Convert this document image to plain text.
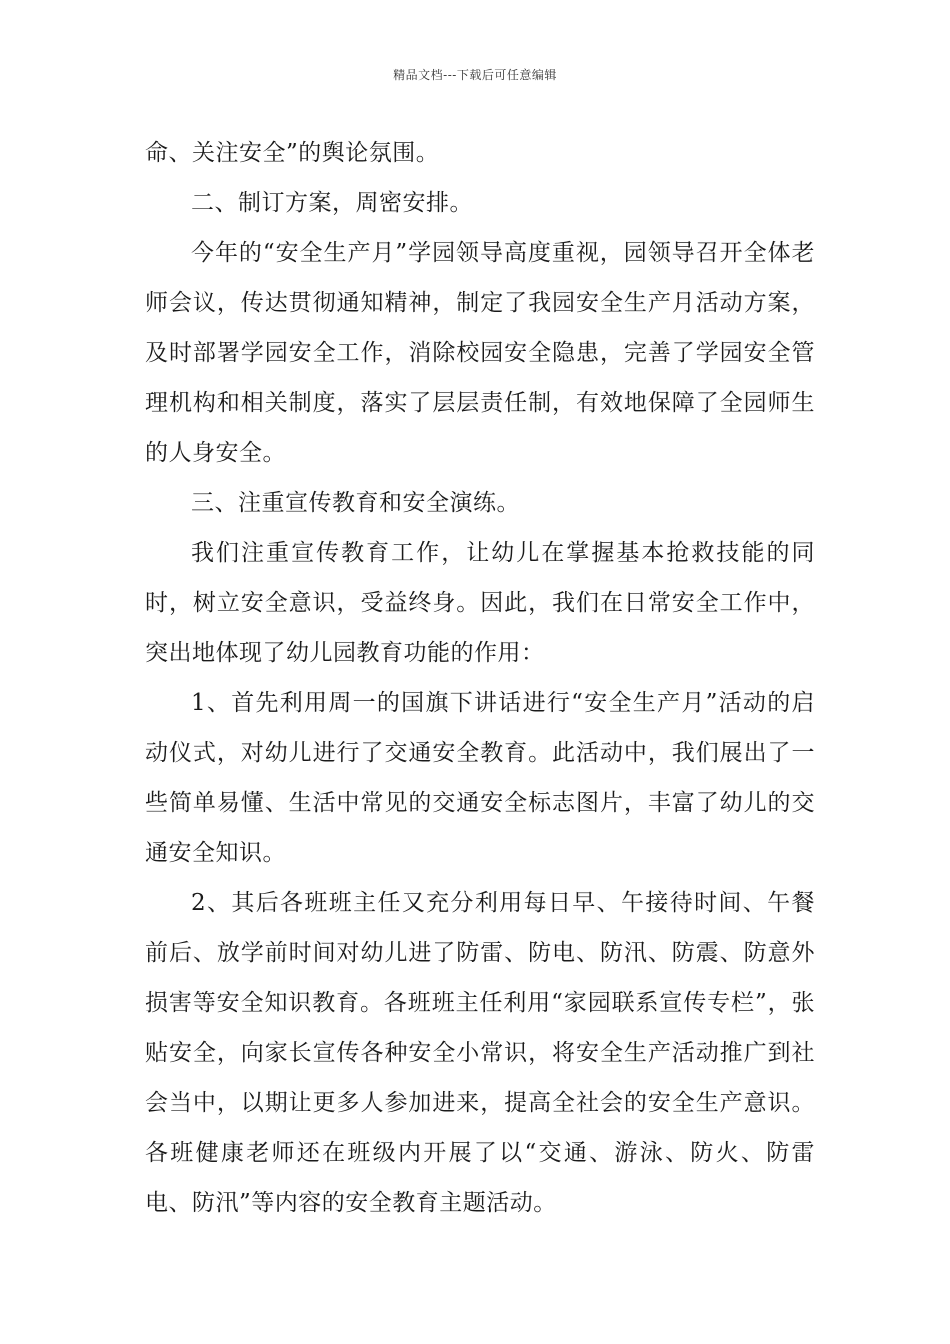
精品文档---下载后可任意编辑

命、关注安全”的舆论氛围。

二、制订方案，周密安排。

今年的“安全生产月”学园领导高度重视，园领导召开全体老师会议，传达贯彻通知精神，制定了我园安全生产月活动方案，及时部署学园安全工作，消除校园安全隐患，完善了学园安全管理机构和相关制度，落实了层层责任制，有效地保障了全园师生的人身安全。

三、注重宣传教育和安全演练。

我们注重宣传教育工作，让幼儿在掌握基本抢救技能的同时，树立安全意识，受益终身。因此，我们在日常安全工作中，突出地体现了幼儿园教育功能的作用：

1、首先利用周一的国旗下讲话进行“安全生产月”活动的启动仪式，对幼儿进行了交通安全教育。此活动中，我们展出了一些简单易懂、生活中常见的交通安全标志图片，丰富了幼儿的交通安全知识。

2、其后各班班主任又充分利用每日早、午接待时间、午餐前后、放学前时间对幼儿进了防雷、防电、防汛、防震、防意外损害等安全知识教育。各班班主任利用“家园联系宣传专栏”，张贴安全，向家长宣传各种安全小常识，将安全生产活动推广到社会当中，以期让更多人参加进来，提高全社会的安全生产意识。各班健康老师还在班级内开展了以“交通、游泳、防火、防雷电、防汛”等内容的安全教育主题活动。
